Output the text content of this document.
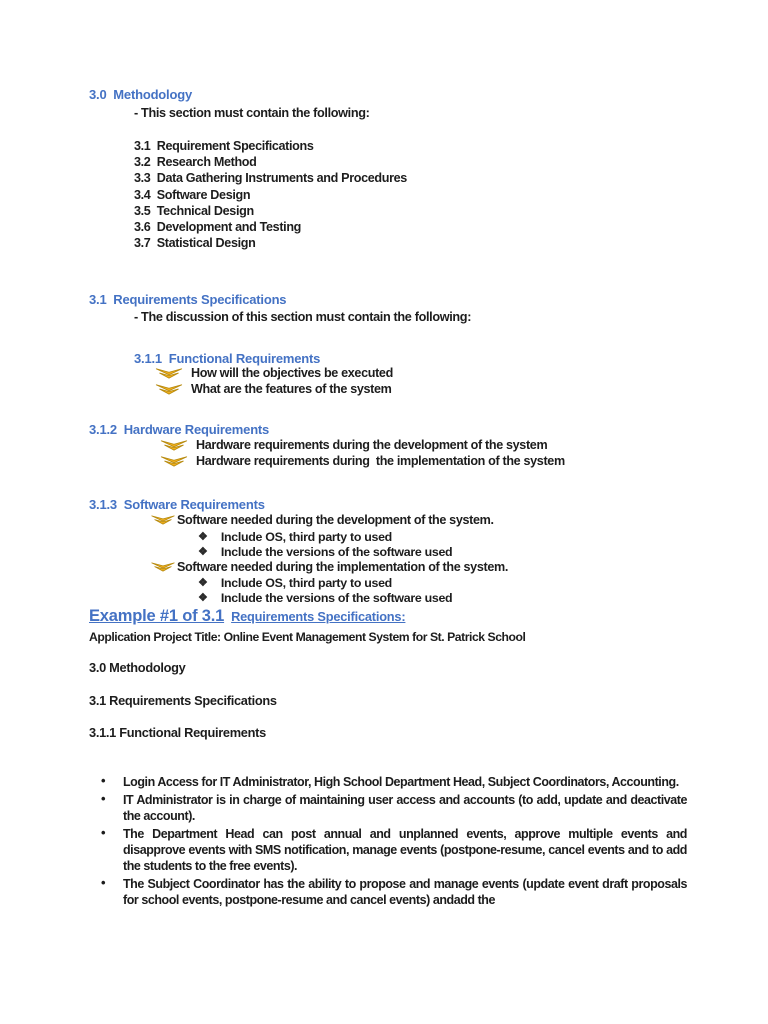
3.0  Methodology
- This section must contain the following:
3.1  Requirement Specifications
3.2  Research Method
3.3  Data Gathering Instruments and Procedures
3.4  Software Design
3.5  Technical Design
3.6  Development and Testing
3.7  Statistical Design
3.1  Requirements Specifications
- The discussion of this section must contain the following:
3.1.1  Functional Requirements
How will the objectives be executed
What are the features of the system
3.1.2  Hardware Requirements
Hardware requirements during the development of the system
Hardware requirements during  the implementation of the system
3.1.3  Software Requirements
Software needed during the development of the system.
❖ Include OS, third party to used
❖ Include the versions of the software used
Software needed during the implementation of the system.
❖ Include OS, third party to used
❖ Include the versions of the software used
Example #1 of 3.1 Requirements Specifications:
Application Project Title: Online Event Management System for St. Patrick School
3.0 Methodology
3.1 Requirements Specifications
3.1.1 Functional Requirements
• Login Access for IT Administrator, High School Department Head, Subject Coordinators, Accounting.
• IT Administrator is in charge of maintaining user access and accounts (to add, update and deactivate the account).
• The Department Head can post annual and unplanned events, approve multiple events and disapprove events with SMS notification, manage events (postpone-resume, cancel events and to add the students to the free events).
• The Subject Coordinator has the ability to propose and manage events (update event draft proposals for school events, postpone-resume and cancel events) andadd the
